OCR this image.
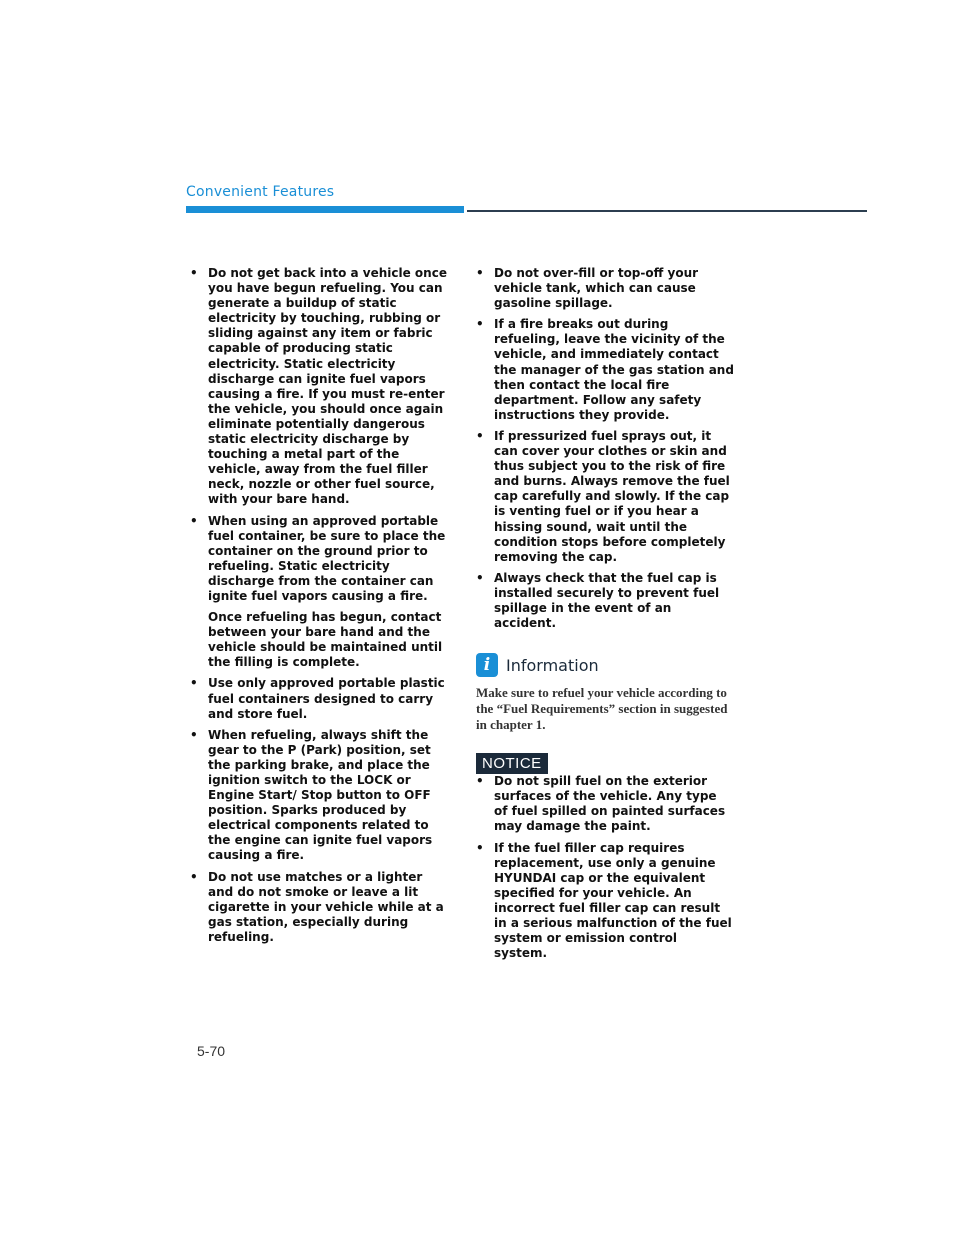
Convenient Features
• Do not get back into a vehicle once you have begun refueling. You can generate a buildup of static electricity by touching, rubbing or sliding against any item or fabric capable of producing static electricity. Static electricity discharge can ignite fuel vapors causing a fire. If you must re-enter the vehicle, you should once again eliminate potentially dangerous static electricity discharge by touching a metal part of the vehicle, away from the fuel filler neck, nozzle or other fuel source, with your bare hand.

• When using an approved portable fuel container, be sure to place the container on the ground prior to refueling. Static electricity discharge from the container can ignite fuel vapors causing a fire.

Once refueling has begun, contact between your bare hand and the vehicle should be maintained until the filling is complete.

• Use only approved portable plastic fuel containers designed to carry and store fuel.

• When refueling, always shift the gear to the P (Park) position, set the parking brake, and place the ignition switch to the LOCK or Engine Start/ Stop button to OFF position. Sparks produced by electrical components related to the engine can ignite fuel vapors causing a fire.

• Do not use matches or a lighter and do not smoke or leave a lit cigarette in your vehicle while at a gas station, especially during refueling.

• Do not over-fill or top-off your vehicle tank, which can cause gasoline spillage.

• If a fire breaks out during refueling, leave the vicinity of the vehicle, and immediately contact the manager of the gas station and then contact the local fire department. Follow any safety instructions they provide.

• If pressurized fuel sprays out, it can cover your clothes or skin and thus subject you to the risk of fire and burns. Always remove the fuel cap carefully and slowly. If the cap is venting fuel or if you hear a hissing sound, wait until the condition stops before completely removing the cap.

• Always check that the fuel cap is installed securely to prevent fuel spillage in the event of an accident.

i Information

Make sure to refuel your vehicle according to the “Fuel Requirements” section in suggested in chapter 1.

NOTICE
• Do not spill fuel on the exterior surfaces of the vehicle. Any type of fuel spilled on painted surfaces may damage the paint.

• If the fuel filler cap requires replacement, use only a genuine HYUNDAI cap or the equivalent specified for your vehicle. An incorrect fuel filler cap can result in a serious malfunction of the fuel system or emission control system.

5-70
